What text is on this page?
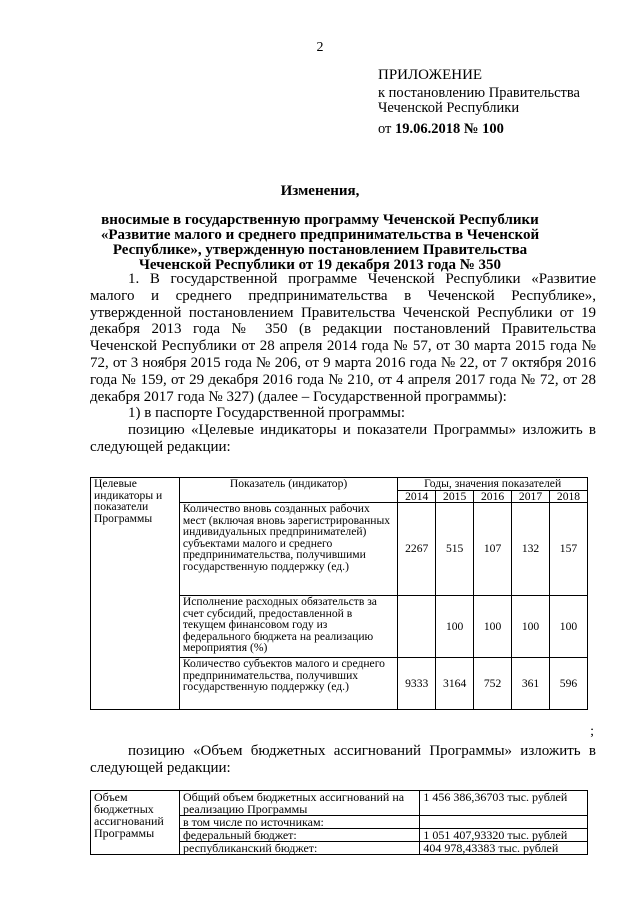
2
ПРИЛОЖЕНИЕ
к постановлению Правительства
Чеченской Республики
от 19.06.2018 № 100
Изменения,
вносимые в государственную программу Чеченской Республики
«Развитие малого и среднего предпринимательства в Чеченской
Республике», утвержденную постановлением Правительства
Чеченской Республики от 19 декабря 2013 года № 350

1. В государственной программе Чеченской Республики «Развитие малого и среднего предпринимательства в Чеченской Республике», утвержденной постановлением Правительства Чеченской Республики от 19 декабря 2013 года № 350 (в редакции постановлений Правительства Чеченской Республики от 28 апреля 2014 года № 57, от 30 марта 2015 года № 72, от 3 ноября 2015 года № 206, от 9 марта 2016 года № 22, от 7 октября 2016 года № 159, от 29 декабря 2016 года № 210, от 4 апреля 2017 года № 72, от 28 декабря 2017 года № 327) (далее – Государственной программы):

1) в паспорте Государственной программы:

позицию «Целевые индикаторы и показатели Программы» изложить в следующей редакции:

Целевые индикаторы и показатели Программы	Показатель (индикатор)	Годы, значения показателей				
		2014	2015	2016	2017	2018
	Количество вновь созданных рабочих мест (включая вновь зарегистрированных индивидуальных предпринимателей) субъектами малого и среднего предпринимательства, получившими государственную поддержку (ед.)	2267	515	107	132	157
	Исполнение расходных обязательств за счет субсидий, предоставленной в текущем финансовом году из федерального бюджета на реализацию мероприятия (%)		100	100	100	100
	Количество субъектов малого и среднего предпринимательства, получивших государственную поддержку (ед.)	9333	3164	752	361	596
;
позицию «Объем бюджетных ассигнований Программы» изложить в следующей редакции:
Объем бюджетных ассигнований Программы	Общий объем бюджетных ассигнований на реализацию Программы	1 456 386,36703 тыс. рублей
	в том числе по источникам:	
	федеральный бюджет:	1 051 407,93320 тыс. рублей
	республиканский бюджет:	404 978,43383 тыс. рублей
